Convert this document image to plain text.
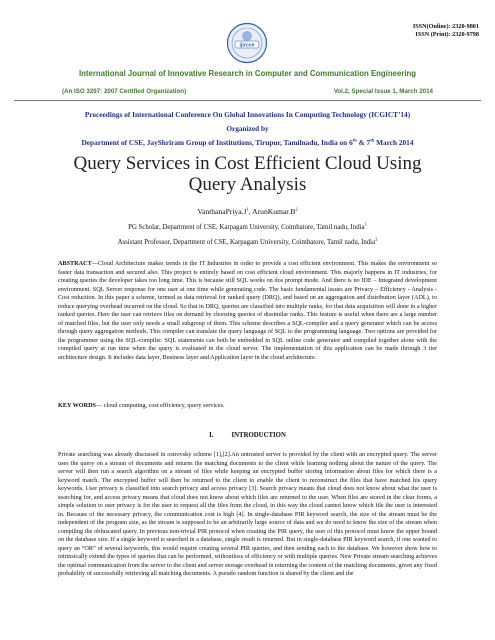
ijircce
ISSN(Online): 2320-9801
ISSN (Print): 2320-9798
International Journal of Innovative Research in Computer and Communication Engineering
(An ISO 3297: 2007 Certified Organization)	Vol.2, Special Issue 1, March 2014
Proceedings of International Conference On Global Innovations In Computing Technology (ICGICT’14)
Organized by
Department of CSE, JayShriram Group of Institutions, Tirupur, Tamilnadu, India on 6th & 7th March 2014
Query Services in Cost Efficient Cloud Using
Query Analysis
$VanthanaPriya.J^1$, $ArunKumar.B^2$
PG Scholar, Department of CSE, Karpagam University, Coimbatore, Tamil nadu, India$^1$
Assistant Professor, Department of CSE, Karpagam University, Coimbatore, Tamil nadu, India$^2$
ABSTRACT—Cloud Architecture makes trends in the IT Industries in order to provide a cost efficient environment. This makes the environment so faster data transaction and secured also. This project is entirely based on cost efficient cloud environment. This majorly happens in IT industries, for creating queries the developer takes too long time. This is because still SQL works on dos prompt mode. And there is no IDE – Integrated development environment. SQL Server response for one user at one time while generating code. The basic fundamental issues are Privacy – Efficiency - Analysis - Cost reduction. In this paper a scheme, termed as data retrieval for ranked query (DRQ), and based on an aggregation and distribution layer (ADL), to reduce querying overhead incurred on the cloud. So that in DRQ, queries are classified into multiple ranks, for that data acquisition will done in a higher ranked queries. Here the user can retrieve files on demand by choosing queries of dissimilar ranks. This feature is useful when there are a large number of matched files, but the user only needs a small subgroup of them. This scheme describes a SQL-compiler and a query generator which can be access through query aggregation methods. This compiler can translate the query language of SQL to the programming language. Two options are provided for the programmer using the SQL-compiler. SQL statements can both be embedded in SQL online code generator and compiled together alone with the compiled query at run time when the query is evaluated in the cloud server. The implementation of this application can be made through 3 tier architecture design. It includes data layer, Business layer and Application layer in the cloud architecture.
KEY WORDS— cloud computing, cost efficiency, query services.
I.	INTRODUCTION
Private searching was already discussed in ostrovsky scheme [1],[2].An untrusted server is provided by the client with an encrypted query. The server uses the query on a stream of documents and returns the matching documents to the client while learning nothing about the nature of the query. The server will then run a search algorithm on a stream of files while keeping an encrypted buffer storing information about files for which there is a keyword match. The encrypted buffer will then be returned to the client to enable the client to reconstruct the files that have matched his query keywords. User privacy is classified into search privacy and access privacy [3]. Search privacy means that cloud does not know about what the user is searching for, and access privacy means that cloud does not know about which files are returned to the user. When files are stored in the clear forms, a simple solution to user privacy is for the user to request all the files from the cloud, in this way the cloud cannot know which file the user is interested in. Because of the necessary privacy, the communication cost is high [4]. In single-database PIR keyword search, the size of the stream must be the independent of the program size, as the stream is supposed to be an arbitrarily large source of data and we do need to know the size of the stream when compiling the obfuscated query. In previous non-trivial PIR protocol when creating the PIR query, the user of this protocol must know the upper bound on the database size. If a single keyword is searched in a database, single result is returned. But in single-database PIR keyword search, if one wanted to query an “OR” of several keywords, this would require creating several PIR queries, and then sending each to the database. We however show how to intrinsically extend the types of queries that can be performed, withoutloss of efficiency or with multiple queries. New Private stream searching achieves the optimal communication from the server to the client and server storage overhead in returning the content of the matching documents, given any fixed probability of successfully retrieving all matching documents. A pseudo random function is shared by the client and the
